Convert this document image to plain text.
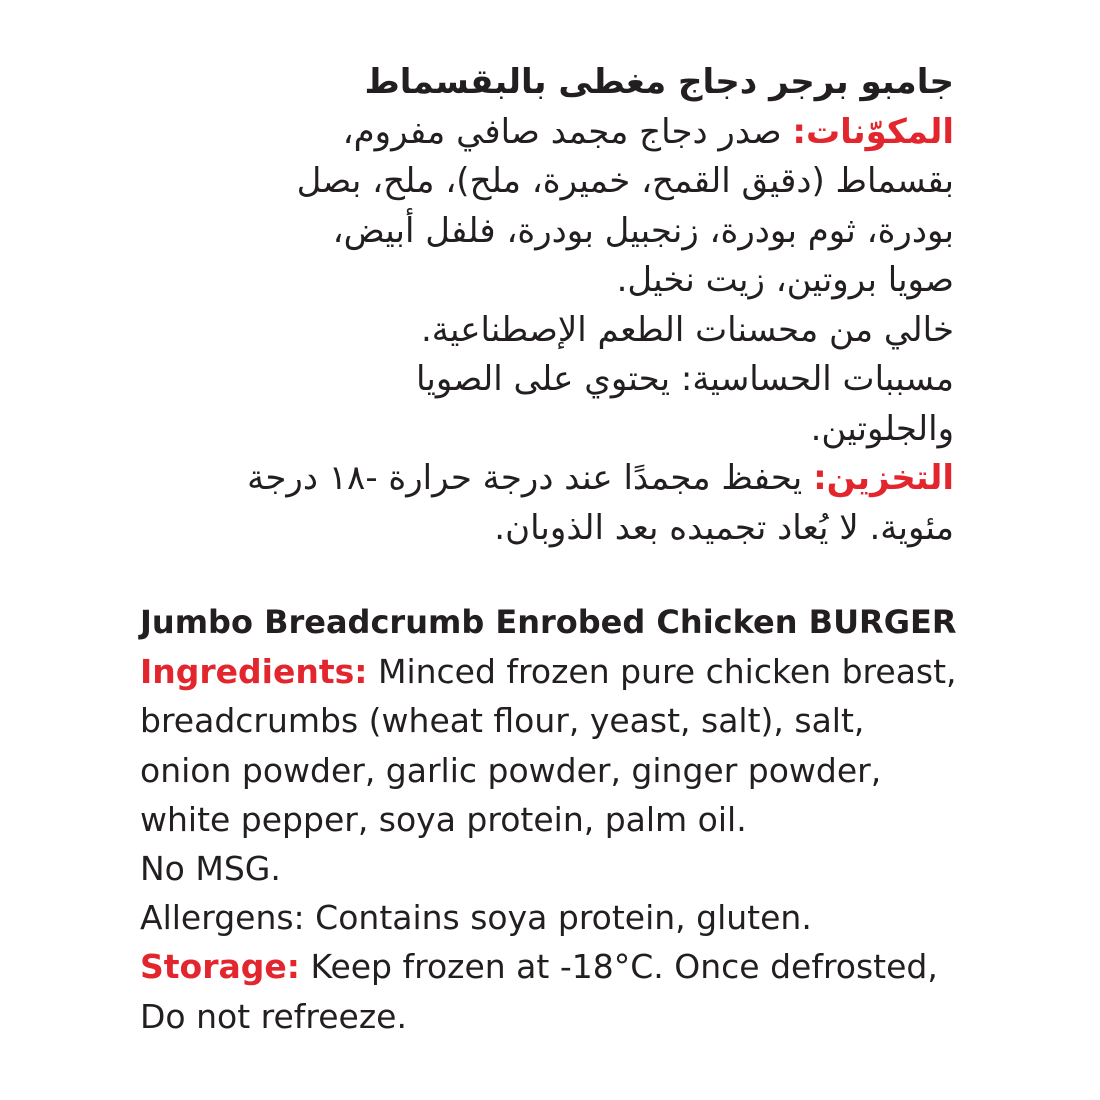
جامبو برجر دجاج مغطى بالبقسماط
المكوّنات: صدر دجاج مجمد صافي مفروم،
بقسماط (دقيق القمح، خميرة، ملح)، ملح، بصل
بودرة، ثوم بودرة، زنجبيل بودرة، فلفل أبيض،
صويا بروتين، زيت نخيل.
خالي من محسنات الطعم الإصطناعية.
مسببات الحساسية: يحتوي على الصويا
والجلوتين.
التخزين: يحفظ مجمدًا عند درجة حرارة -١٨ درجة
مئوية. لا يُعاد تجميده بعد الذوبان.
Jumbo Breadcrumb Enrobed Chicken BURGER
Ingredients: Minced frozen pure chicken breast,
breadcrumbs (wheat flour, yeast, salt), salt,
onion powder, garlic powder, ginger powder,
white pepper, soya protein, palm oil.
No MSG.
Allergens: Contains soya protein, gluten.
Storage: Keep frozen at -18°C. Once defrosted,
Do not refreeze.
